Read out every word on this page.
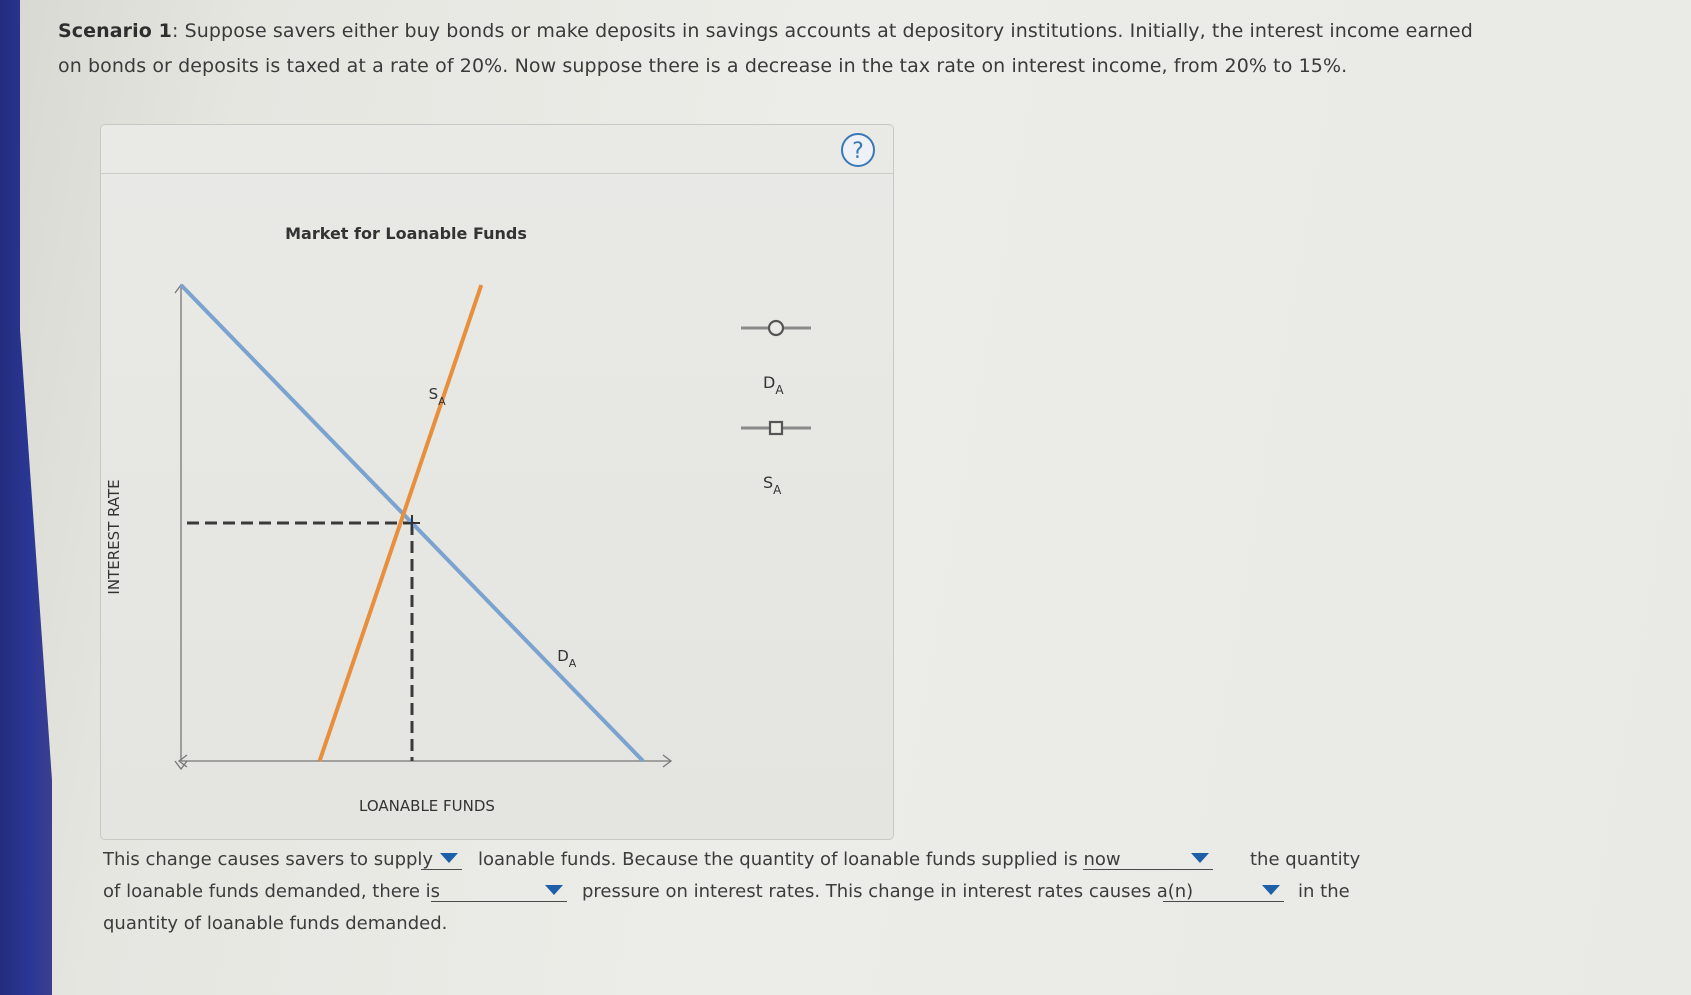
Scenario 1: Suppose savers either buy bonds or make deposits in savings accounts at depository institutions. Initially, the interest income earned on bonds or deposits is taxed at a rate of 20%. Now suppose there is a decrease in the tax rate on interest income, from 20% to 15%.
?
Market for Loanable Funds
INTEREST RATE
LOANABLE FUNDS
$D_A$
$S_A$
$D_A$
$S_A$
This change causes savers to supply loanable funds. Because the quantity of loanable funds supplied is now	the quantity
of loanable funds demanded, there is	pressure on interest rates. This change in interest rates causes a(n)	in the
quantity of loanable funds demanded.
